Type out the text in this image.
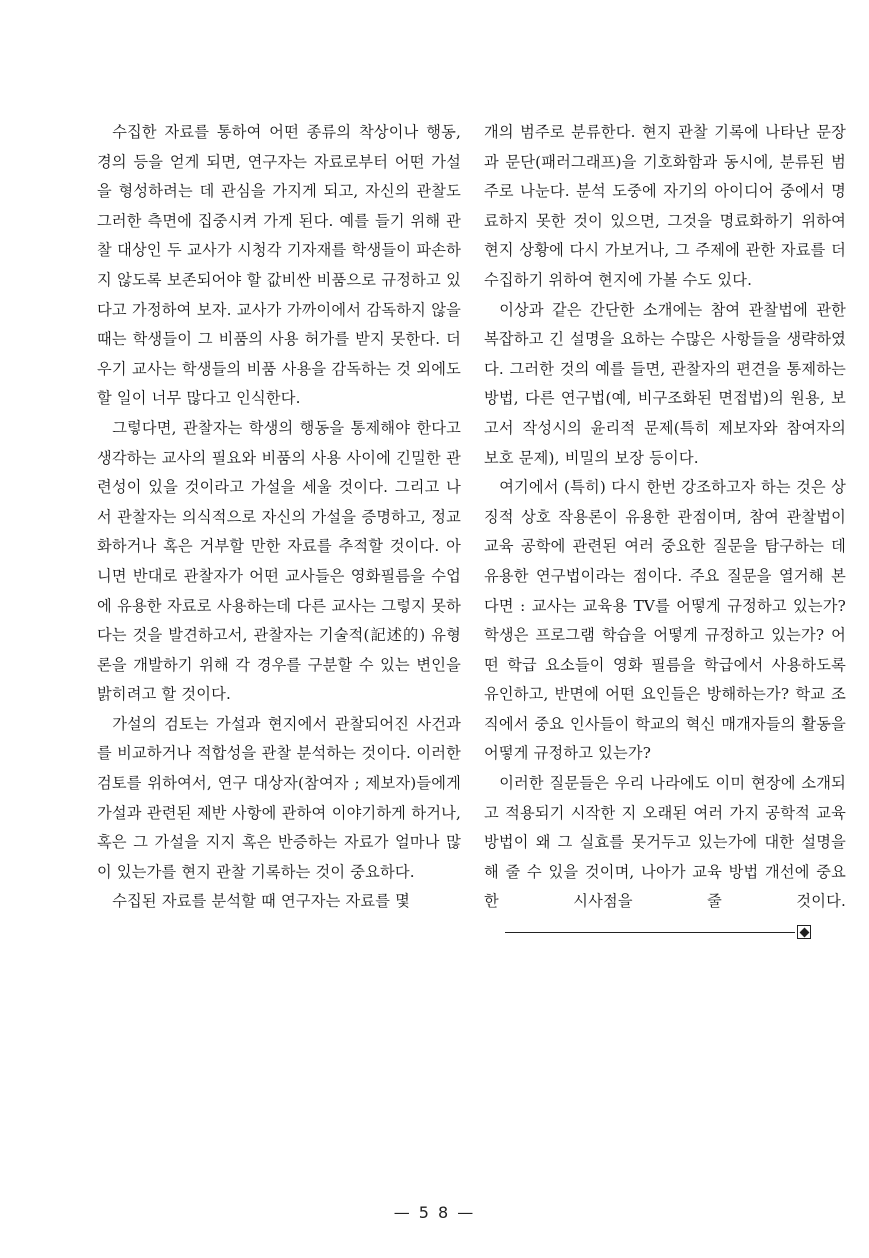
수집한 자료를 통하여 어떤 종류의 착상이나 행동, 경의 등을 얻게 되면, 연구자는 자료로부터 어떤 가설을 형성하려는 데 관심을 가지게 되고, 자신의 관찰도 그러한 측면에 집중시켜 가게 된다. 예를 들기 위해 관찰 대상인 두 교사가 시청각 기자재를 학생들이 파손하지 않도록 보존되어야 할 값비싼 비품으로 규정하고 있다고 가정하여 보자. 교사가 가까이에서 감독하지 않을 때는 학생들이 그 비품의 사용 허가를 받지 못한다. 더우기 교사는 학생들의 비품 사용을 감독하는 것 외에도 할 일이 너무 많다고 인식한다.

그렇다면, 관찰자는 학생의 행동을 통제해야 한다고 생각하는 교사의 필요와 비품의 사용 사이에 긴밀한 관련성이 있을 것이라고 가설을 세울 것이다. 그리고 나서 관찰자는 의식적으로 자신의 가설을 증명하고, 정교화하거나 혹은 거부할 만한 자료를 추적할 것이다. 아니면 반대로 관찰자가 어떤 교사들은 영화필름을 수업에 유용한 자료로 사용하는데 다른 교사는 그렇지 못하다는 것을 발견하고서, 관찰자는 기술적(記述的) 유형론을 개발하기 위해 각 경우를 구분할 수 있는 변인을 밝히려고 할 것이다.

가설의 검토는 가설과 현지에서 관찰되어진 사건과를 비교하거나 적합성을 관찰 분석하는 것이다. 이러한 검토를 위하여서, 연구 대상자(참여자 ; 제보자)들에게 가설과 관련된 제반 사항에 관하여 이야기하게 하거나, 혹은 그 가설을 지지 혹은 반증하는 자료가 얼마나 많이 있는가를 현지 관찰 기록하는 것이 중요하다.

수집된 자료를 분석할 때 연구자는 자료를 몇

개의 범주로 분류한다. 현지 관찰 기록에 나타난 문장과 문단(패러그래프)을 기호화함과 동시에, 분류된 범주로 나눈다. 분석 도중에 자기의 아이디어 중에서 명료하지 못한 것이 있으면, 그것을 명료화하기 위하여 현지 상황에 다시 가보거나, 그 주제에 관한 자료를 더 수집하기 위하여 현지에 가볼 수도 있다.

이상과 같은 간단한 소개에는 참여 관찰법에 관한 복잡하고 긴 설명을 요하는 수많은 사항들을 생략하였다. 그러한 것의 예를 들면, 관찰자의 편견을 통제하는 방법, 다른 연구법(예, 비구조화된 면접법)의 원용, 보고서 작성시의 윤리적 문제(특히 제보자와 참여자의 보호 문제), 비밀의 보장 등이다.

여기에서 (특히) 다시 한번 강조하고자 하는 것은 상징적 상호 작용론이 유용한 관점이며, 참여 관찰법이 교육 공학에 관련된 여러 중요한 질문을 탐구하는 데 유용한 연구법이라는 점이다. 주요 질문을 열거해 본다면 : 교사는 교육용 TV를 어떻게 규정하고 있는가? 학생은 프로그램 학습을 어떻게 규정하고 있는가? 어떤 학급 요소들이 영화 필름을 학급에서 사용하도록 유인하고, 반면에 어떤 요인들은 방해하는가? 학교 조직에서 중요 인사들이 학교의 혁신 매개자들의 활동을 어떻게 규정하고 있는가?

이러한 질문들은 우리 나라에도 이미 현장에 소개되고 적용되기 시작한 지 오래된 여러 가지 공학적 교육 방법이 왜 그 실효를 못거두고 있는가에 대한 설명을 해 줄 수 있을 것이며, 나아가 교육 방법 개선에 중요한 시사점을 줄 것이다.

— 5 8 —
